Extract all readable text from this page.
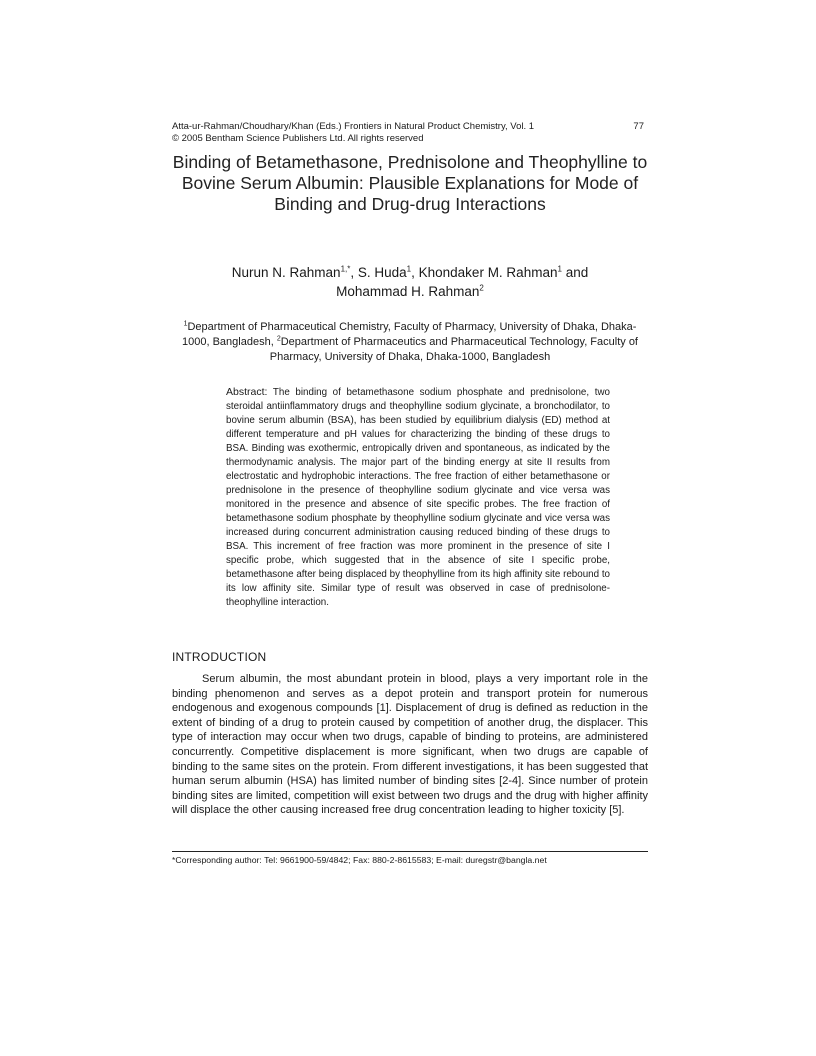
Atta-ur-Rahman/Choudhary/Khan (Eds.) Frontiers in Natural Product Chemistry, Vol. 1	77
© 2005 Bentham Science Publishers Ltd. All rights reserved
Binding of Betamethasone, Prednisolone and Theophylline to Bovine Serum Albumin: Plausible Explanations for Mode of Binding and Drug-drug Interactions
Nurun N. Rahman$^{1,*}$, S. Huda$^1$, Khondaker M. Rahman$^1$ and
Mohammad H. Rahman$^2$
$^1$Department of Pharmaceutical Chemistry, Faculty of Pharmacy, University of Dhaka, Dhaka-1000, Bangladesh, $^2$Department of Pharmaceutics and Pharmaceutical Technology, Faculty of Pharmacy, University of Dhaka, Dhaka-1000, Bangladesh
Abstract: The binding of betamethasone sodium phosphate and prednisolone, two steroidal antiinflammatory drugs and theophylline sodium glycinate, a bronchodilator, to bovine serum albumin (BSA), has been studied by equilibrium dialysis (ED) method at different temperature and pH values for characterizing the binding of these drugs to BSA. Binding was exothermic, entropically driven and spontaneous, as indicated by the thermodynamic analysis. The major part of the binding energy at site II results from electrostatic and hydrophobic interactions. The free fraction of either betamethasone or prednisolone in the presence of theophylline sodium glycinate and vice versa was monitored in the presence and absence of site specific probes. The free fraction of betamethasone sodium phosphate by theophylline sodium glycinate and vice versa was increased during concurrent administration causing reduced binding of these drugs to BSA. This increment of free fraction was more prominent in the presence of site I specific probe, which suggested that in the absence of site I specific probe, betamethasone after being displaced by theophylline from its high affinity site rebound to its low affinity site. Similar type of result was observed in case of prednisolone-theophylline interaction.
INTRODUCTION

Serum albumin, the most abundant protein in blood, plays a very important role in the binding phenomenon and serves as a depot protein and transport protein for numerous endogenous and exogenous compounds [1]. Displacement of drug is defined as reduction in the extent of binding of a drug to protein caused by competition of another drug, the displacer. This type of interaction may occur when two drugs, capable of binding to proteins, are administered concurrently. Competitive displacement is more significant, when two drugs are capable of binding to the same sites on the protein. From different investigations, it has been suggested that human serum albumin (HSA) has limited number of binding sites [2-4]. Since number of protein binding sites are limited, competition will exist between two drugs and the drug with higher affinity will displace the other causing increased free drug concentration leading to higher toxicity [5].

*Corresponding author: Tel: 9661900-59/4842; Fax: 880-2-8615583; E-mail: duregstr@bangla.net
